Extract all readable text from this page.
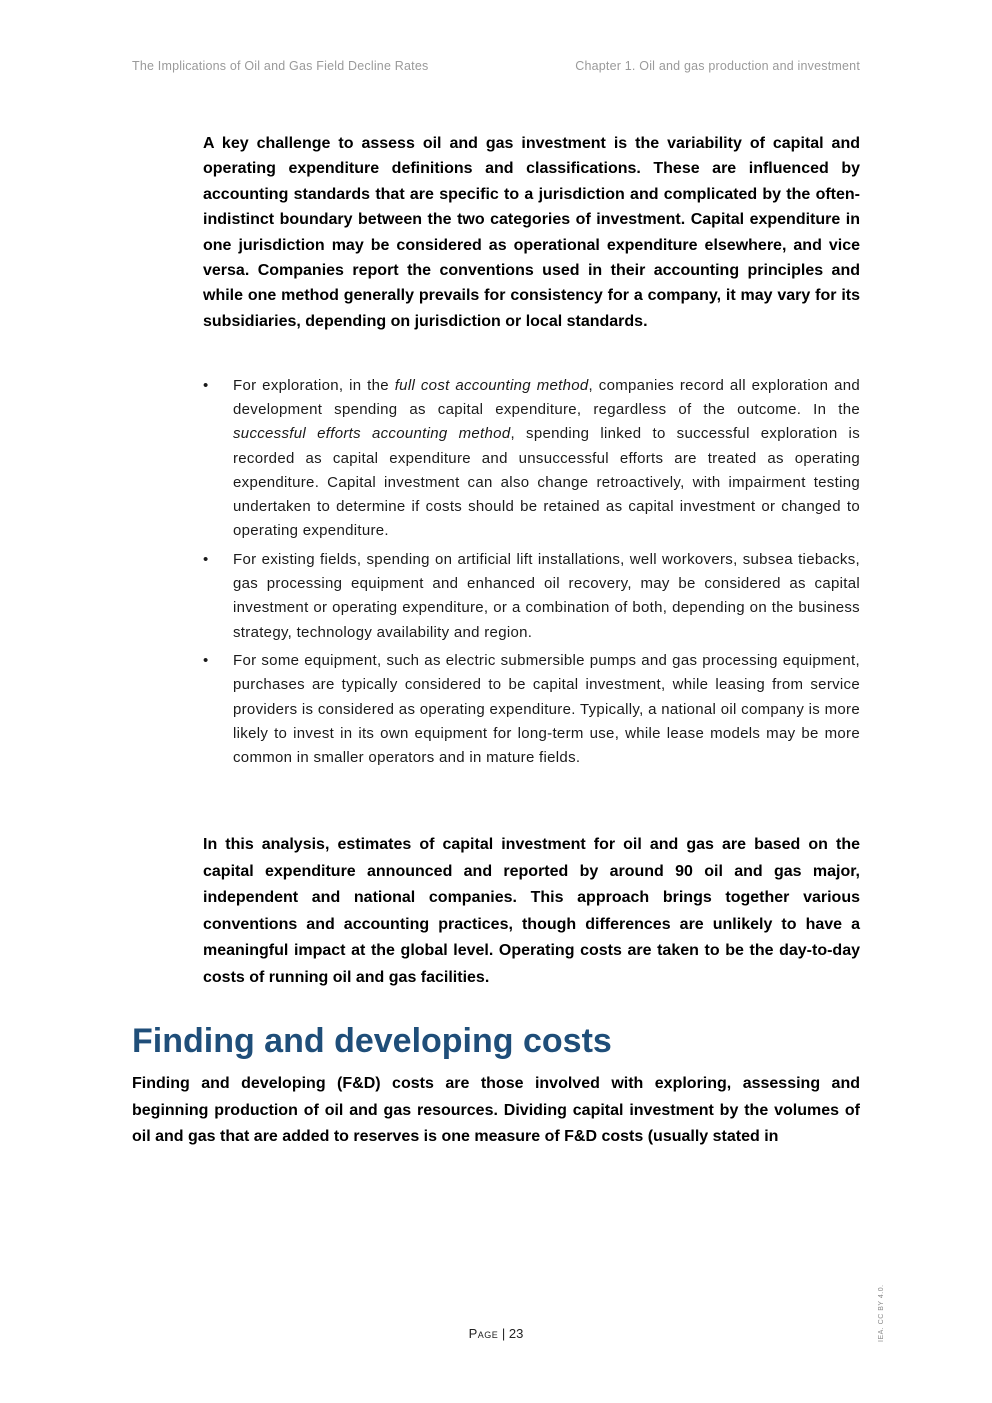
The Implications of Oil and Gas Field Decline Rates	Chapter 1. Oil and gas production and investment

A key challenge to assess oil and gas investment is the variability of capital and operating expenditure definitions and classifications. These are influenced by accounting standards that are specific to a jurisdiction and complicated by the often-indistinct boundary between the two categories of investment. Capital expenditure in one jurisdiction may be considered as operational expenditure elsewhere, and vice versa. Companies report the conventions used in their accounting principles and while one method generally prevails for consistency for a company, it may vary for its subsidiaries, depending on jurisdiction or local standards.

• For exploration, in the full cost accounting method, companies record all exploration and development spending as capital expenditure, regardless of the outcome. In the successful efforts accounting method, spending linked to successful exploration is recorded as capital expenditure and unsuccessful efforts are treated as operating expenditure. Capital investment can also change retroactively, with impairment testing undertaken to determine if costs should be retained as capital investment or changed to operating expenditure.
• For existing fields, spending on artificial lift installations, well workovers, subsea tiebacks, gas processing equipment and enhanced oil recovery, may be considered as capital investment or operating expenditure, or a combination of both, depending on the business strategy, technology availability and region.
• For some equipment, such as electric submersible pumps and gas processing equipment, purchases are typically considered to be capital investment, while leasing from service providers is considered as operating expenditure. Typically, a national oil company is more likely to invest in its own equipment for long-term use, while lease models may be more common in smaller operators and in mature fields.

In this analysis, estimates of capital investment for oil and gas are based on the capital expenditure announced and reported by around 90 oil and gas major, independent and national companies. This approach brings together various conventions and accounting practices, though differences are unlikely to have a meaningful impact at the global level. Operating costs are taken to be the day-to-day costs of running oil and gas facilities.

Finding and developing costs

Finding and developing (F&D) costs are those involved with exploring, assessing and beginning production of oil and gas resources. Dividing capital investment by the volumes of oil and gas that are added to reserves is one measure of F&D costs (usually stated in

IEA. CC BY 4.0.
Page | 23
